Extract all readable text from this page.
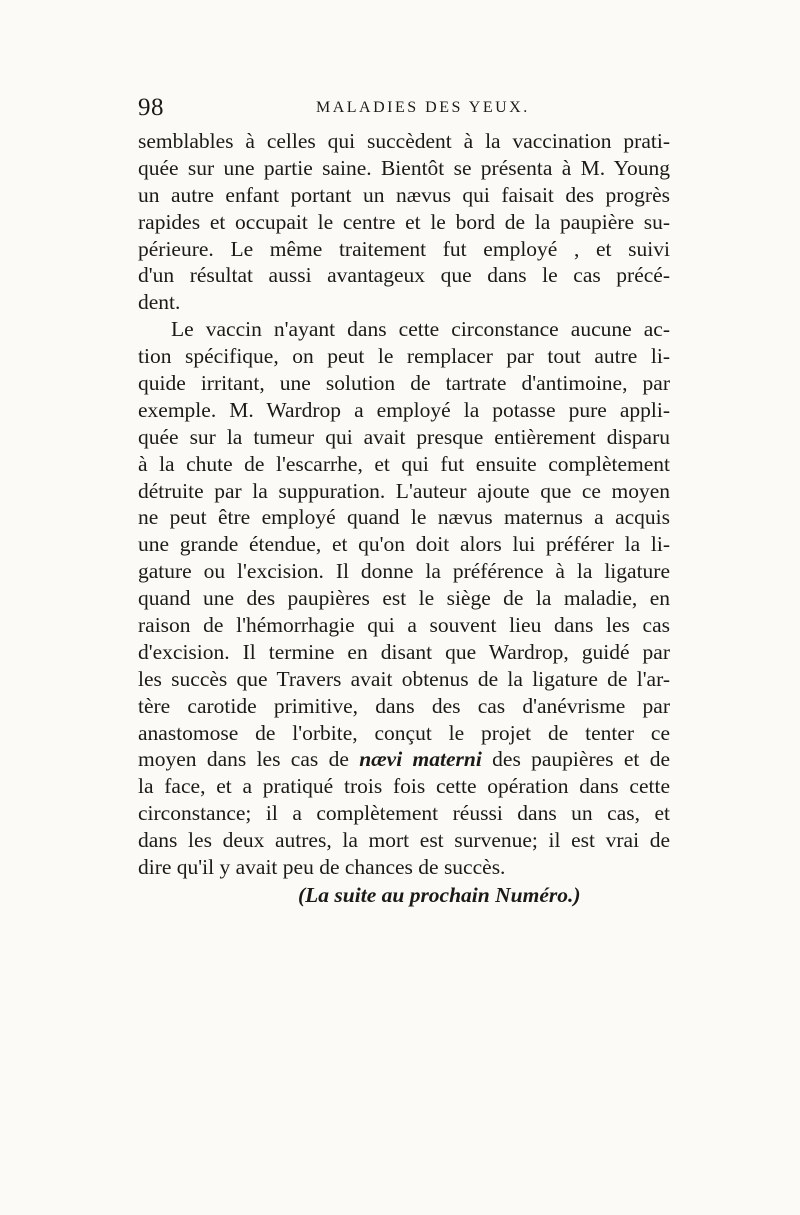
98	MALADIES DES YEUX.
semblables à celles qui succèdent à la vaccination prati-
quée sur une partie saine. Bientôt se présenta à M. Young
un autre enfant portant un nævus qui faisait des progrès
rapides et occupait le centre et le bord de la paupière su-
périeure. Le même traitement fut employé , et suivi
d'un résultat aussi avantageux que dans le cas précé-
dent.
Le vaccin n'ayant dans cette circonstance aucune ac-
tion spécifique, on peut le remplacer par tout autre li-
quide irritant, une solution de tartrate d'antimoine, par
exemple. M. Wardrop a employé la potasse pure appli-
quée sur la tumeur qui avait presque entièrement disparu
à la chute de l'escarrhe, et qui fut ensuite complètement
détruite par la suppuration. L'auteur ajoute que ce moyen
ne peut être employé quand le nævus maternus a acquis
une grande étendue, et qu'on doit alors lui préférer la li-
gature ou l'excision. Il donne la préférence à la ligature
quand une des paupières est le siège de la maladie, en
raison de l'hémorrhagie qui a souvent lieu dans les cas
d'excision. Il termine en disant que Wardrop, guidé par
les succès que Travers avait obtenus de la ligature de l'ar-
tère carotide primitive, dans des cas d'anévrisme par
anastomose de l'orbite, conçut le projet de tenter ce
moyen dans les cas de nævi materni des paupières et de
la face, et a pratiqué trois fois cette opération dans cette
circonstance; il a complètement réussi dans un cas, et
dans les deux autres, la mort est survenue; il est vrai de
dire qu'il y avait peu de chances de succès.
(La suite au prochain Numéro.)
